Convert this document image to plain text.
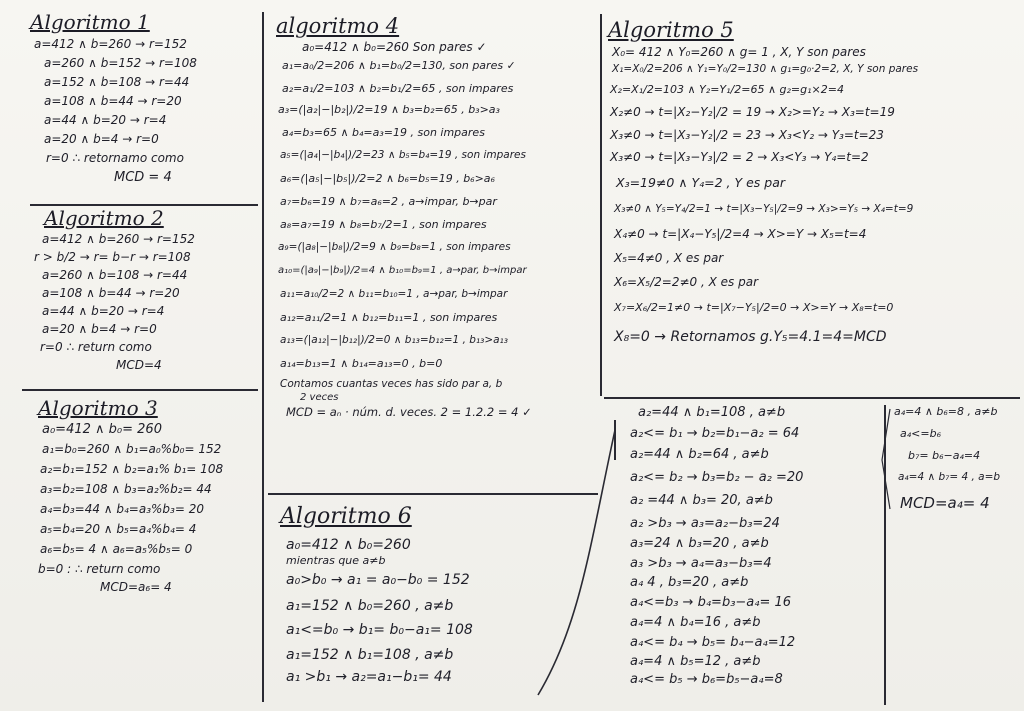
Algoritmo 1
a=412 ∧ b=260 → r=152
a=260 ∧ b=152 → r=108
a=152 ∧ b=108 → r=44
a=108 ∧ b=44 → r=20
a=44 ∧ b=20 → r=4
a=20 ∧ b=4 → r=0
r=0 ∴ retornamo como
MCD = 4
Algoritmo 2
a=412 ∧ b=260 → r=152
r > b/2 → r= b−r → r=108
a=260 ∧ b=108 → r=44
a=108 ∧ b=44 → r=20
a=44 ∧ b=20 → r=4
a=20 ∧ b=4 → r=0
r=0 ∴ return como
MCD=4
Algoritmo 3
a₀=412 ∧ b₀= 260
a₁=b₀=260 ∧ b₁=a₀%b₀= 152
a₂=b₁=152 ∧ b₂=a₁% b₁= 108
a₃=b₂=108 ∧ b₃=a₂%b₂= 44
a₄=b₃=44 ∧ b₄=a₃%b₃= 20
a₅=b₄=20 ∧ b₅=a₄%b₄= 4
a₆=b₅= 4 ∧ a₆=a₅%b₅= 0
b=0 : ∴ return como
MCD=a₆= 4
algoritmo 4
a₀=412 ∧ b₀=260 Son pares ✓
a₁=a₀/2=206 ∧ b₁=b₀/2=130, son pares ✓
a₂=a₁/2=103 ∧ b₂=b₁/2=65 , son impares
a₃=(|a₂|−|b₂|)/2=19 ∧ b₃=b₂=65 , b₃>a₃
a₄=b₃=65 ∧ b₄=a₃=19 , son impares
a₅=(|a₄|−|b₄|)/2=23 ∧ b₅=b₄=19 , son impares
a₆=(|a₅|−|b₅|)/2=2 ∧ b₆=b₅=19 , b₆>a₆
a₇=b₆=19 ∧ b₇=a₆=2 , a→impar, b→par
a₈=a₇=19 ∧ b₈=b₇/2=1 , son impares
a₉=(|a₈|−|b₈|)/2=9 ∧ b₉=b₈=1 , son impares
a₁₀=(|a₉|−|b₉|)/2=4 ∧ b₁₀=b₉=1 , a→par, b→impar
a₁₁=a₁₀/2=2 ∧ b₁₁=b₁₀=1 , a→par, b→impar
a₁₂=a₁₁/2=1 ∧ b₁₂=b₁₁=1 , son impares
a₁₃=(|a₁₂|−|b₁₂|)/2=0 ∧ b₁₃=b₁₂=1 , b₁₃>a₁₃
a₁₄=b₁₃=1 ∧ b₁₄=a₁₃=0 , b=0
Contamos cuantas veces has sido par a, b
2 veces
MCD = aₙ · núm. d. veces. 2 = 1.2.2 = 4 ✓
Algoritmo 5
X₀= 412 ∧ Y₀=260 ∧ g= 1 , X, Y son pares
X₁=X₀/2=206 ∧ Y₁=Y₀/2=130 ∧ g₁=g₀·2=2, X, Y son pares
X₂=X₁/2=103 ∧ Y₂=Y₁/2=65 ∧ g₂=g₁×2=4
X₂≠0 → t=|X₂−Y₂|/2 = 19 → X₂>=Y₂ → X₃=t=19
X₃≠0 → t=|X₃−Y₂|/2 = 23 → X₃<Y₂ → Y₃=t=23
X₃≠0 → t=|X₃−Y₃|/2 = 2 → X₃<Y₃ → Y₄=t=2
X₃=19≠0 ∧ Y₄=2 , Y es par
X₃≠0 ∧ Y₅=Y₄/2=1 → t=|X₃−Y₅|/2=9 → X₃>=Y₅ → X₄=t=9
X₄≠0 → t=|X₄−Y₅|/2=4 → X>=Y → X₅=t=4
X₅=4≠0 , X es par
X₆=X₅/2=2≠0 , X es par
X₇=X₆/2=1≠0 → t=|X₇−Y₅|/2=0 → X>=Y → X₈=t=0
X₈=0 → Retornamos g.Y₅=4.1=4=MCD
Algoritmo 6
a₀=412 ∧ b₀=260
mientras que a≠b
a₀>b₀ → a₁ = a₀−b₀ = 152
a₁=152 ∧ b₀=260 , a≠b
a₁<=b₀ → b₁= b₀−a₁= 108
a₁=152 ∧ b₁=108 , a≠b
a₁ >b₁ → a₂=a₁−b₁= 44
a₂=44 ∧ b₁=108 , a≠b
a₂<= b₁ → b₂=b₁−a₂ = 64
a₂=44 ∧ b₂=64 , a≠b
a₂<= b₂ → b₃=b₂ − a₂ =20
a₂ =44 ∧ b₃= 20, a≠b
a₂ >b₃ → a₃=a₂−b₃=24
a₃=24 ∧ b₃=20 , a≠b
a₃ >b₃ → a₄=a₃−b₃=4
a₄ 4 , b₃=20 , a≠b
a₄<=b₃ → b₄=b₃−a₄= 16
a₄=4 ∧ b₄=16 , a≠b
a₄<= b₄ → b₅= b₄−a₄=12
a₄=4 ∧ b₅=12 , a≠b
a₄<= b₅ → b₆=b₅−a₄=8
a₄=4 ∧ b₆=8 , a≠b
a₄<=b₆
b₇= b₆−a₄=4
a₄=4 ∧ b₇= 4 , a=b
MCD=a₄= 4
